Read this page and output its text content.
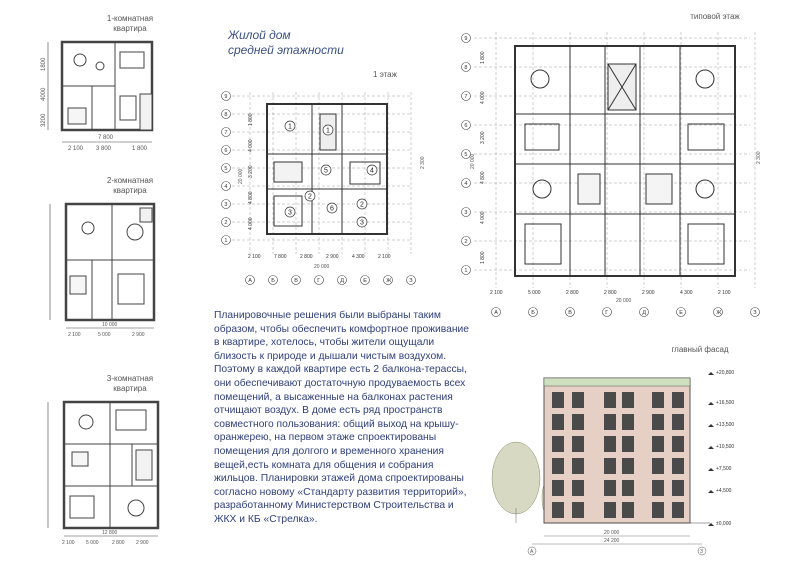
1-комнатная
квартира
2-комнатная
квартира
3-комнатная
квартира
Жилой дом
средней этажности
1 этаж
типовой этаж
главный фасад
Планировочные решения были выбраны таким образом, чтобы обеспечить комфортное проживание в квартире, хотелось, чтобы жители ощущали близость к природе и дышали чистым воздухом. Поэтому в каждой квартире есть 2 балкона-терассы, они обеспечивают достаточную продуваемость всех помещений, а высаженные на балконах растения отчищают воздух. В доме есть ряд пространств совместного пользования: общий выход на крышу-оранжерею, на первом этаже спроектированы помещения для долгого и временного хранения вещей,есть комната для общения и собрания жильцов. Планировки этажей дома спроектированы согласно новому «Стандарту развития территорий», разработанному Министерством Строительства и ЖКХ и КБ «Стрелка».
2 100 3 800	1 800
7 800
1800
4000
3200
2 100	5 000	2 900
10 000
2 100 5 000	2 800 2 900
12 800
1
1
5
2
4
6
2
3
3
9
8
7
6
5
4
3
2
1
1 800
4 000
3 200
4 800
4 000
А	Б	В	Г	Д	Е	Ж	З
2 100	7 800	2 800	2 900	4 300	2 100
20 000
2 300
20 000
9
8
7
6
5
4
3
2
1
1 800
4 000
3 200
4 800
4 000
1 800
А	Б	В	Г	Д	Е	Ж	З
2 100	5 000	2 800	2 800	2 900	4 300	2 100
20 000	2 300
20 000
+20,800
+16,500
+13,500
+10,500
+7,500
+4,500
±0,000
20 000
24 200
А	З
